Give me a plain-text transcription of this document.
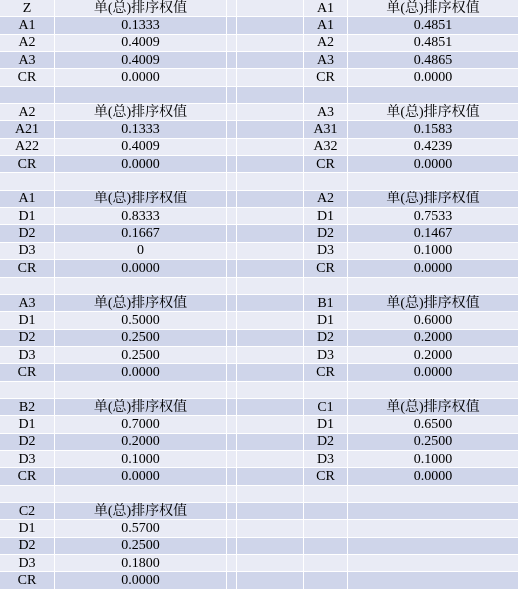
Z	单(总)排序权值	A1	单(总)排序权值
A1	0.1333	A1	0.4851
A2	0.4009	A2	0.4851
A3	0.4009	A3	0.4865
CR	0.0000	CR	0.0000
A2	单(总)排序权值	A3	单(总)排序权值
A21	0.1333	A31	0.1583
A22	0.4009	A32	0.4239
CR	0.0000	CR	0.0000
A1	单(总)排序权值	A2	单(总)排序权值
D1	0.8333	D1	0.7533
D2	0.1667	D2	0.1467
D3	0	D3	0.1000
CR	0.0000	CR	0.0000
A3	单(总)排序权值	B1	单(总)排序权值
D1	0.5000	D1	0.6000
D2	0.2500	D2	0.2000
D3	0.2500	D3	0.2000
CR	0.0000	CR	0.0000
B2	单(总)排序权值	C1	单(总)排序权值
D1	0.7000	D1	0.6500
D2	0.2000	D2	0.2500
D3	0.1000	D3	0.1000
CR	0.0000	CR	0.0000
C2	单(总)排序权值
D1	0.5700
D2	0.2500
D3	0.1800
CR	0.0000
